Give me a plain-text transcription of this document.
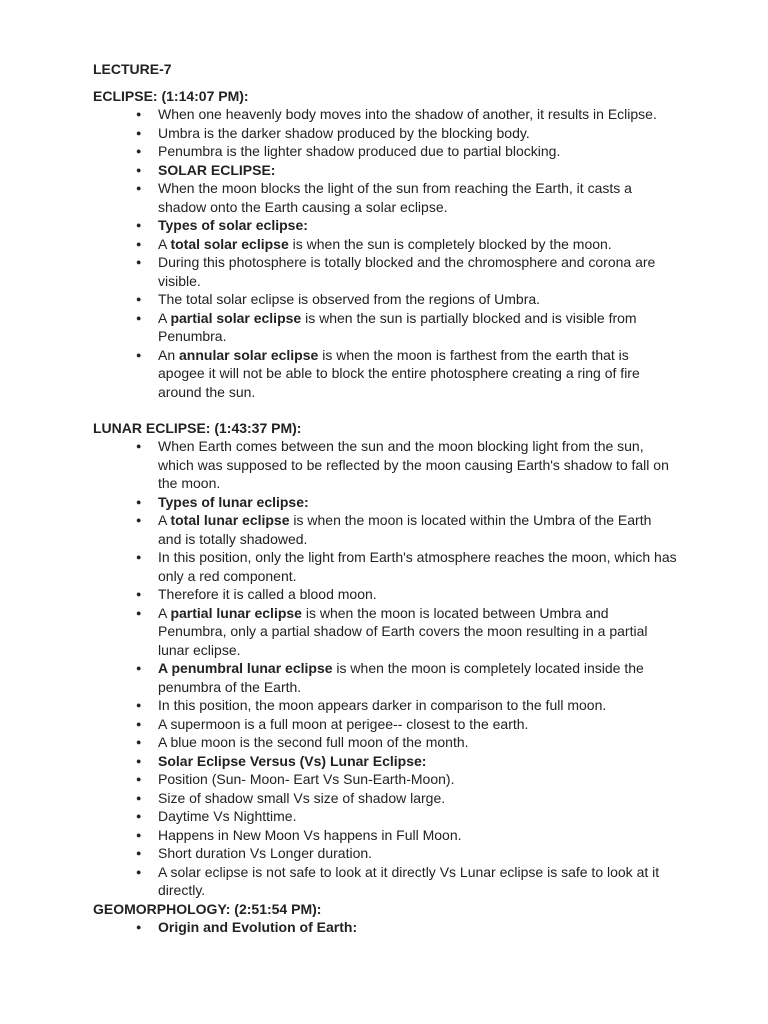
LECTURE-7

ECLIPSE: (1:14:07 PM):

● When one heavenly body moves into the shadow of another, it results in Eclipse.
● Umbra is the darker shadow produced by the blocking body.
● Penumbra is the lighter shadow produced due to partial blocking.
● SOLAR ECLIPSE:
● When the moon blocks the light of the sun from reaching the Earth, it casts a shadow onto the Earth causing a solar eclipse.
● Types of solar eclipse:
● A total solar eclipse is when the sun is completely blocked by the moon.
● During this photosphere is totally blocked and the chromosphere and corona are visible.
● The total solar eclipse is observed from the regions of Umbra.
● A partial solar eclipse is when the sun is partially blocked and is visible from Penumbra.
● An annular solar eclipse is when the moon is farthest from the earth that is apogee it will not be able to block the entire photosphere creating a ring of fire around the sun.

LUNAR ECLIPSE: (1:43:37 PM):

● When Earth comes between the sun and the moon blocking light from the sun, which was supposed to be reflected by the moon causing Earth's shadow to fall on the moon.
● Types of lunar eclipse:
● A total lunar eclipse is when the moon is located within the Umbra of the Earth and is totally shadowed.
● In this position, only the light from Earth's atmosphere reaches the moon, which has only a red component.
● Therefore it is called a blood moon.
● A partial lunar eclipse is when the moon is located between Umbra and Penumbra, only a partial shadow of Earth covers the moon resulting in a partial lunar eclipse.
● A penumbral lunar eclipse is when the moon is completely located inside the penumbra of the Earth.
● In this position, the moon appears darker in comparison to the full moon.
● A supermoon is a full moon at perigee-- closest to the earth.
● A blue moon is the second full moon of the month.
● Solar Eclipse Versus (Vs) Lunar Eclipse:
● Position (Sun- Moon- Eart Vs Sun-Earth-Moon).
● Size of shadow small Vs size of shadow large.
● Daytime Vs Nighttime.
● Happens in New Moon Vs happens in Full Moon.
● Short duration Vs Longer duration.
● A solar eclipse is not safe to look at it directly Vs Lunar eclipse is safe to look at it directly.

GEOMORPHOLOGY: (2:51:54 PM):

● Origin and Evolution of Earth:
